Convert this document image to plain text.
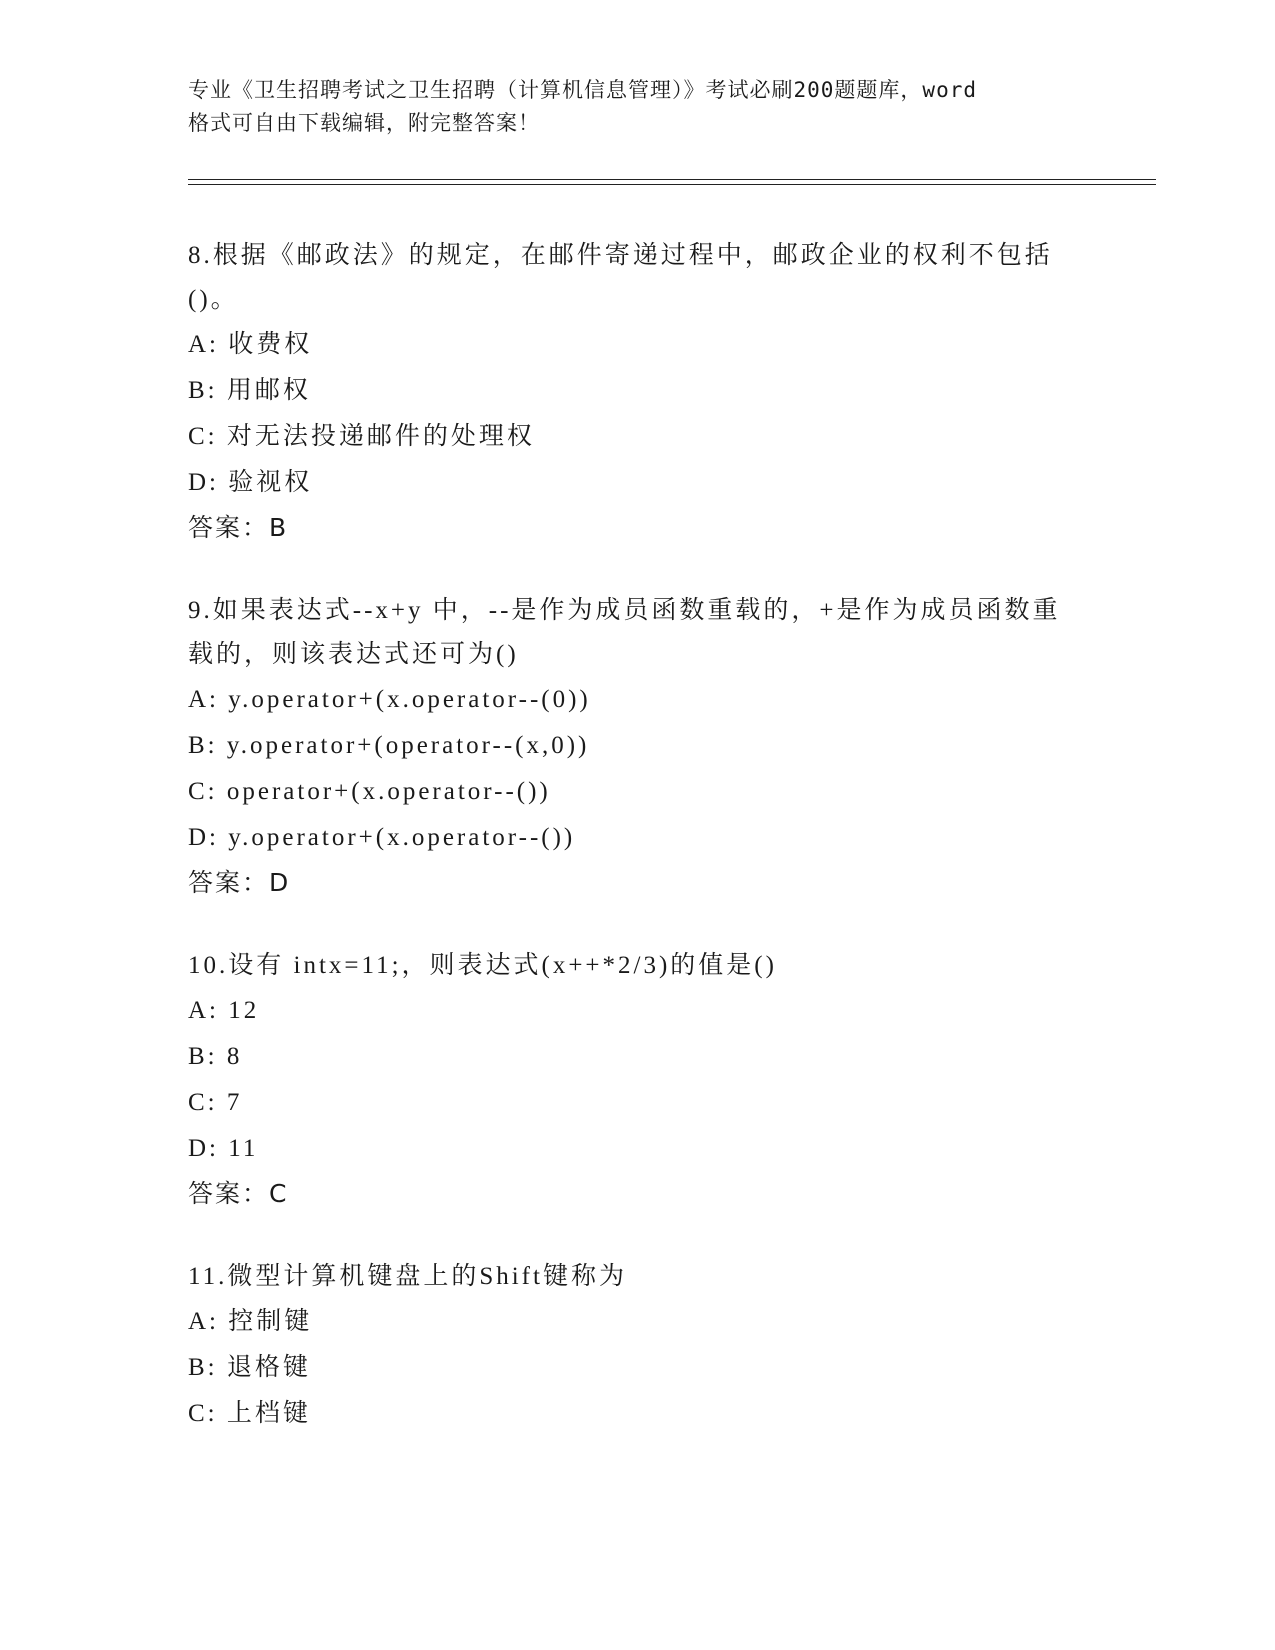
专业《卫生招聘考试之卫生招聘（计算机信息管理）》考试必刷200题题库，word
格式可自由下载编辑，附完整答案！

8.根据《邮政法》的规定，在邮件寄递过程中，邮政企业的权利不包括()。

A: 收费权

B: 用邮权

C: 对无法投递邮件的处理权

D: 验视权

答案：B

9.如果表达式--x+y 中，--是作为成员函数重载的，+是作为成员函数重载的，则该表达式还可为()

A: y.operator+(x.operator--(0))

B: y.operator+(operator--(x,0))

C: operator+(x.operator--())

D: y.operator+(x.operator--())

答案：D

10.设有 intx=11;，则表达式(x++*2/3)的值是()

A: 12

B: 8

C: 7

D: 11

答案：C

11.微型计算机键盘上的Shift键称为

A: 控制键

B: 退格键

C: 上档键
